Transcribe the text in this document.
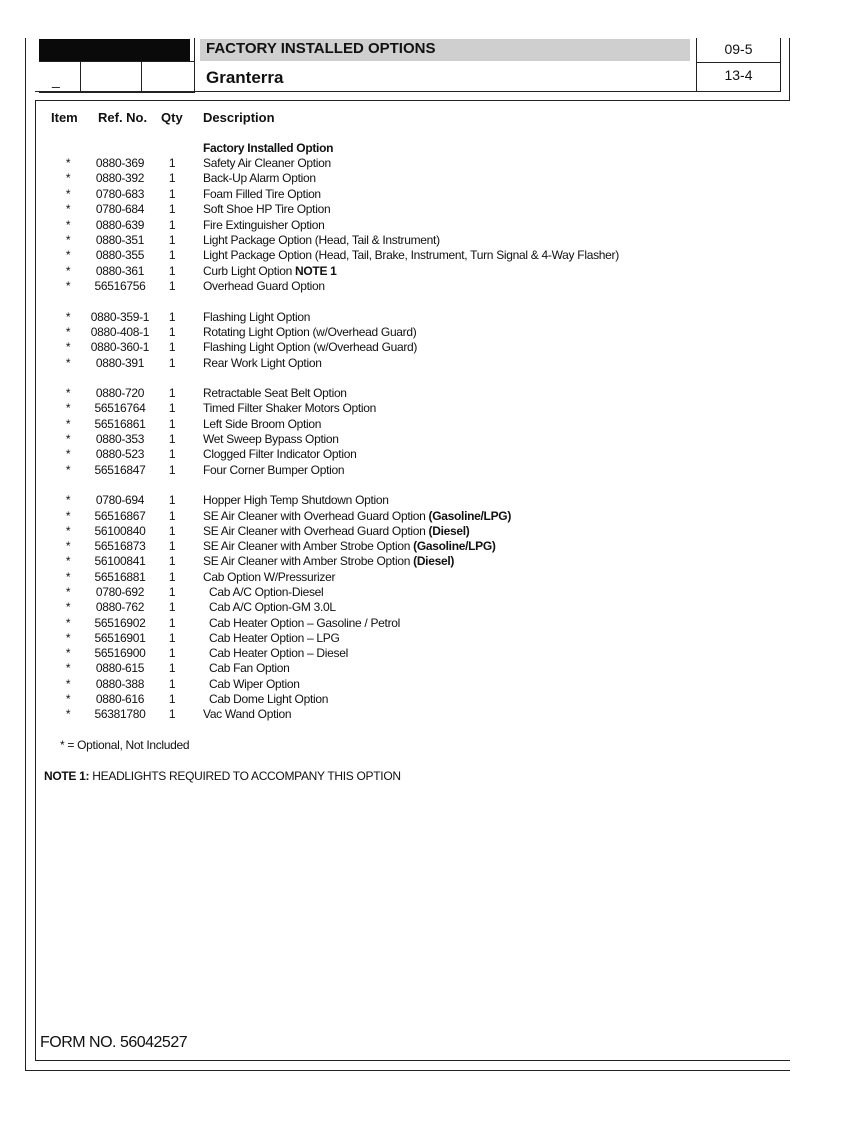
_
FACTORY INSTALLED OPTIONS
Granterra
09-5
13-4
Item Ref. No. Qty Description
Factory Installed Option
*	0880-369	1	Safety Air Cleaner Option
*	0880-392	1	Back-Up Alarm Option
*	0780-683	1	Foam Filled Tire Option
*	0780-684	1	Soft Shoe HP Tire Option
*	0880-639	1	Fire Extinguisher Option
*	0880-351	1	Light Package Option (Head, Tail & Instrument)
*	0880-355	1	Light Package Option (Head, Tail, Brake, Instrument, Turn Signal & 4-Way Flasher)
*	0880-361	1	Curb Light Option NOTE 1
*	56516756	1	Overhead Guard Option
* 0880-359-1	1	Flashing Light Option
* 0880-408-1	1	Rotating Light Option (w/Overhead Guard)
* 0880-360-1	1	Flashing Light Option (w/Overhead Guard)
*	0880-391	1	Rear Work Light Option
*	0880-720	1	Retractable Seat Belt Option
*	56516764	1	Timed Filter Shaker Motors Option
*	56516861	1	Left Side Broom Option
*	0880-353	1	Wet Sweep Bypass Option
*	0880-523	1	Clogged Filter Indicator Option
*	56516847	1	Four Corner Bumper Option
*	0780-694	1	Hopper High Temp Shutdown Option
*	56516867	1	SE Air Cleaner with Overhead Guard Option (Gasoline/LPG)
*	56100840	1	SE Air Cleaner with Overhead Guard Option (Diesel)
*	56516873	1	SE Air Cleaner with Amber Strobe Option (Gasoline/LPG)
*	56100841	1	SE Air Cleaner with Amber Strobe Option (Diesel)
*	56516881	1	Cab Option W/Pressurizer
*	0780-692	1	Cab A/C Option-Diesel
*	0880-762	1	Cab A/C Option-GM 3.0L
*	56516902	1	Cab Heater Option – Gasoline / Petrol
*	56516901	1	Cab Heater Option – LPG
*	56516900	1	Cab Heater Option – Diesel
*	0880-615	1	Cab Fan Option
*	0880-388	1	Cab Wiper Option
*	0880-616	1	Cab Dome Light Option
*	56381780	1	Vac Wand Option
* = Optional, Not Included
NOTE 1: HEADLIGHTS REQUIRED TO ACCOMPANY THIS OPTION
FORM NO. 56042527
